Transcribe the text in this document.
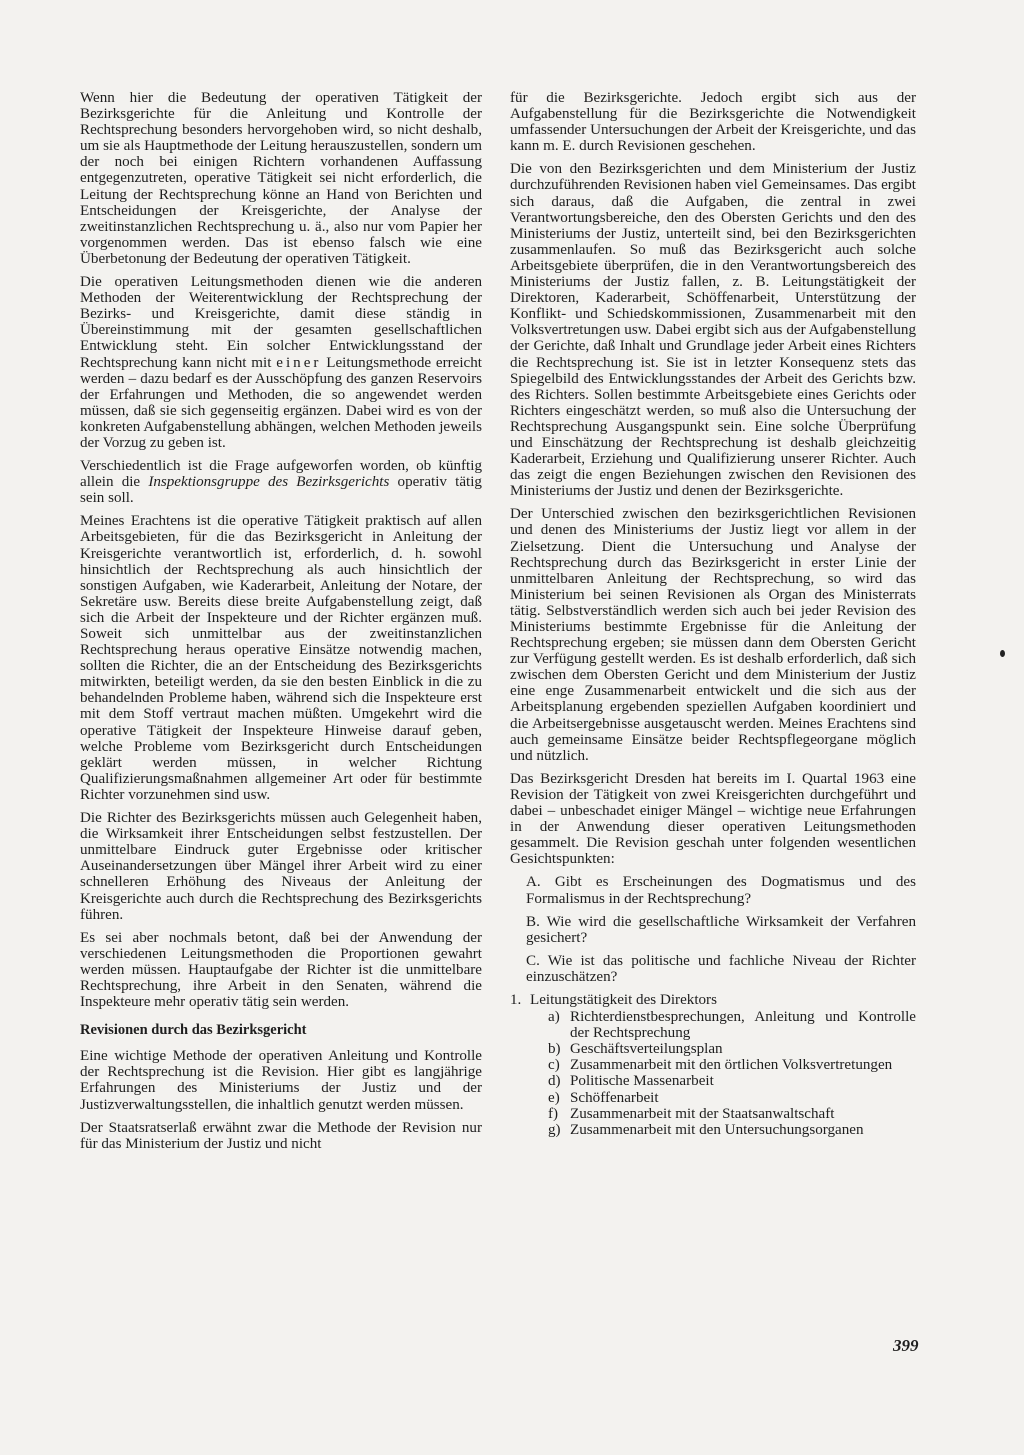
Wenn hier die Bedeutung der operativen Tätigkeit der Bezirksgerichte für die Anleitung und Kontrolle der Rechtsprechung besonders hervorgehoben wird, so nicht deshalb, um sie als Hauptmethode der Leitung herauszustellen, sondern um der noch bei einigen Richtern vorhandenen Auffassung entgegenzutreten, operative Tätigkeit sei nicht erforderlich, die Leitung der Rechtsprechung könne an Hand von Berichten und Entscheidungen der Kreisgerichte, der Analyse der zweitinstanzlichen Rechtsprechung u. ä., also nur vom Papier her vorgenommen werden. Das ist ebenso falsch wie eine Überbetonung der Bedeutung der operativen Tätigkeit.

Die operativen Leitungsmethoden dienen wie die anderen Methoden der Weiterentwicklung der Rechtsprechung der Bezirks- und Kreisgerichte, damit diese ständig in Übereinstimmung mit der gesamten gesellschaftlichen Entwicklung steht. Ein solcher Entwicklungsstand der Rechtsprechung kann nicht mit einer Leitungsmethode erreicht werden – dazu bedarf es der Ausschöpfung des ganzen Reservoirs der Erfahrungen und Methoden, die so angewendet werden müssen, daß sie sich gegenseitig ergänzen. Dabei wird es von der konkreten Aufgabenstellung abhängen, welchen Methoden jeweils der Vorzug zu geben ist.

Verschiedentlich ist die Frage aufgeworfen worden, ob künftig allein die Inspektionsgruppe des Bezirksgerichts operativ tätig sein soll.

Meines Erachtens ist die operative Tätigkeit praktisch auf allen Arbeitsgebieten, für die das Bezirksgericht in Anleitung der Kreisgerichte verantwortlich ist, erforderlich, d. h. sowohl hinsichtlich der Rechtsprechung als auch hinsichtlich der sonstigen Aufgaben, wie Kaderarbeit, Anleitung der Notare, der Sekretäre usw. Bereits diese breite Aufgabenstellung zeigt, daß sich die Arbeit der Inspekteure und der Richter ergänzen muß. Soweit sich unmittelbar aus der zweitinstanzlichen Rechtsprechung heraus operative Einsätze notwendig machen, sollten die Richter, die an der Entscheidung des Bezirksgerichts mitwirkten, beteiligt werden, da sie den besten Einblick in die zu behandelnden Probleme haben, während sich die Inspekteure erst mit dem Stoff vertraut machen müßten. Umgekehrt wird die operative Tätigkeit der Inspekteure Hinweise darauf geben, welche Probleme vom Bezirksgericht durch Entscheidungen geklärt werden müssen, in welcher Richtung Qualifizierungsmaßnahmen allgemeiner Art oder für bestimmte Richter vorzunehmen sind usw.

Die Richter des Bezirksgerichts müssen auch Gelegenheit haben, die Wirksamkeit ihrer Entscheidungen selbst festzustellen. Der unmittelbare Eindruck guter Ergebnisse oder kritischer Auseinandersetzungen über Mängel ihrer Arbeit wird zu einer schnelleren Erhöhung des Niveaus der Anleitung der Kreisgerichte auch durch die Rechtsprechung des Bezirksgerichts führen.

Es sei aber nochmals betont, daß bei der Anwendung der verschiedenen Leitungsmethoden die Proportionen gewahrt werden müssen. Hauptaufgabe der Richter ist die unmittelbare Rechtsprechung, ihre Arbeit in den Senaten, während die Inspekteure mehr operativ tätig sein werden.

Revisionen durch das Bezirksgericht

Eine wichtige Methode der operativen Anleitung und Kontrolle der Rechtsprechung ist die Revision. Hier gibt es langjährige Erfahrungen des Ministeriums der Justiz und der Justizverwaltungsstellen, die inhaltlich genutzt werden müssen.

Der Staatsratserlaß erwähnt zwar die Methode der Revision nur für das Ministerium der Justiz und nicht

für die Bezirksgerichte. Jedoch ergibt sich aus der Aufgabenstellung für die Bezirksgerichte die Notwendigkeit umfassender Untersuchungen der Arbeit der Kreisgerichte, und das kann m. E. durch Revisionen geschehen.

Die von den Bezirksgerichten und dem Ministerium der Justiz durchzuführenden Revisionen haben viel Gemeinsames. Das ergibt sich daraus, daß die Aufgaben, die zentral in zwei Verantwortungsbereiche, den des Obersten Gerichts und den des Ministeriums der Justiz, unterteilt sind, bei den Bezirksgerichten zusammenlaufen. So muß das Bezirksgericht auch solche Arbeitsgebiete überprüfen, die in den Verantwortungsbereich des Ministeriums der Justiz fallen, z. B. Leitungstätigkeit der Direktoren, Kaderarbeit, Schöffenarbeit, Unterstützung der Konflikt- und Schiedskommissionen, Zusammenarbeit mit den Volksvertretungen usw. Dabei ergibt sich aus der Aufgabenstellung der Gerichte, daß Inhalt und Grundlage jeder Arbeit eines Richters die Rechtsprechung ist. Sie ist in letzter Konsequenz stets das Spiegelbild des Entwicklungsstandes der Arbeit des Gerichts bzw. des Richters. Sollen bestimmte Arbeitsgebiete eines Gerichts oder Richters eingeschätzt werden, so muß also die Untersuchung der Rechtsprechung Ausgangspunkt sein. Eine solche Überprüfung und Einschätzung der Rechtsprechung ist deshalb gleichzeitig Kaderarbeit, Erziehung und Qualifizierung unserer Richter. Auch das zeigt die engen Beziehungen zwischen den Revisionen des Ministeriums der Justiz und denen der Bezirksgerichte.

Der Unterschied zwischen den bezirksgerichtlichen Revisionen und denen des Ministeriums der Justiz liegt vor allem in der Zielsetzung. Dient die Untersuchung und Analyse der Rechtsprechung durch das Bezirksgericht in erster Linie der unmittelbaren Anleitung der Rechtsprechung, so wird das Ministerium bei seinen Revisionen als Organ des Ministerrats tätig. Selbstverständlich werden sich auch bei jeder Revision des Ministeriums bestimmte Ergebnisse für die Anleitung der Rechtsprechung ergeben; sie müssen dann dem Obersten Gericht zur Verfügung gestellt werden. Es ist deshalb erforderlich, daß sich zwischen dem Obersten Gericht und dem Ministerium der Justiz eine enge Zusammenarbeit entwickelt und die sich aus der Arbeitsplanung ergebenden speziellen Aufgaben koordiniert und die Arbeitsergebnisse ausgetauscht werden. Meines Erachtens sind auch gemeinsame Einsätze beider Rechtspflegeorgane möglich und nützlich.

Das Bezirksgericht Dresden hat bereits im I. Quartal 1963 eine Revision der Tätigkeit von zwei Kreisgerichten durchgeführt und dabei – unbeschadet einiger Mängel – wichtige neue Erfahrungen in der Anwendung dieser operativen Leitungsmethoden gesammelt. Die Revision geschah unter folgenden wesentlichen Gesichtspunkten:

A. Gibt es Erscheinungen des Dogmatismus und des Formalismus in der Rechtsprechung?

B. Wie wird die gesellschaftliche Wirksamkeit der Verfahren gesichert?

C. Wie ist das politische und fachliche Niveau der Richter einzuschätzen?

1. Leitungstätigkeit des Direktors
a) Richterdienstbesprechungen, Anleitung und Kontrolle der Rechtsprechung
b) Geschäftsverteilungsplan
c) Zusammenarbeit mit den örtlichen Volksvertretungen
d) Politische Massenarbeit
e) Schöffenarbeit
f) Zusammenarbeit mit der Staatsanwaltschaft
g) Zusammenarbeit mit den Untersuchungsorganen
399
